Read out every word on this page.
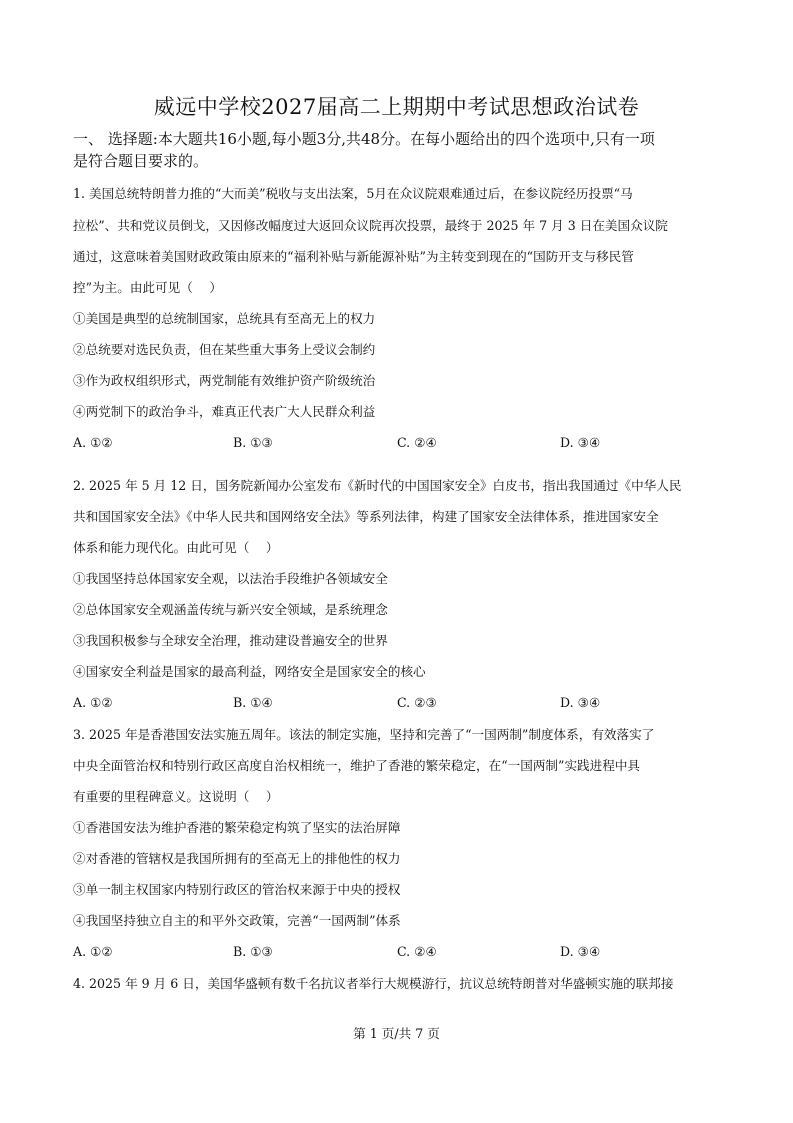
威远中学校2027届高二上期期中考试思想政治试卷
一、 选择题:本大题共16小题,每小题3分,共48分。在每小题给出的四个选项中,只有一项
是符合题目要求的。
1. 美国总统特朗普力推的“大而美”税收与支出法案，5月在众议院艰难通过后，在参议院经历投票“马
拉松”、共和党议员倒戈，又因修改幅度过大返回众议院再次投票，最终于 2025 年 7 月 3 日在美国众议院
通过，这意味着美国财政政策由原来的“福利补贴与新能源补贴”为主转变到现在的“国防开支与移民管
控”为主。由此可见（　 ）
①美国是典型的总统制国家，总统具有至高无上的权力
②总统要对选民负责，但在某些重大事务上受议会制约
③作为政权组织形式，两党制能有效维护资产阶级统治
④两党制下的政治争斗，难真正代表广大人民群众利益
A. ①②	B. ①③	C. ②④	D. ③④
2. 2025 年 5 月 12 日，国务院新闻办公室发布《新时代的中国国家安全》白皮书，指出我国通过《中华人民
共和国国家安全法》《中华人民共和国网络安全法》等系列法律，构建了国家安全法律体系，推进国家安全
体系和能力现代化。由此可见（　 ）
①我国坚持总体国家安全观，以法治手段维护各领域安全
②总体国家安全观涵盖传统与新兴安全领域，是系统理念
③我国积极参与全球安全治理，推动建设普遍安全的世界
④国家安全利益是国家的最高利益，网络安全是国家安全的核心
A. ①②	B. ①④	C. ②③	D. ③④
3. 2025 年是香港国安法实施五周年。该法的制定实施，坚持和完善了“一国两制”制度体系，有效落实了
中央全面管治权和特别行政区高度自治权相统一，维护了香港的繁荣稳定，在“一国两制”实践进程中具
有重要的里程碑意义。这说明（　 ）
①香港国安法为维护香港的繁荣稳定构筑了坚实的法治屏障
②对香港的管辖权是我国所拥有的至高无上的排他性的权力
③单一制主权国家内特别行政区的管治权来源于中央的授权
④我国坚持独立自主的和平外交政策，完善“一国两制”体系
A. ①②	B. ①③	C. ②④	D. ③④
4. 2025 年 9 月 6 日，美国华盛顿有数千名抗议者举行大规模游行，抗议总统特朗普对华盛顿实施的联邦接
第 1 页/共 7 页
